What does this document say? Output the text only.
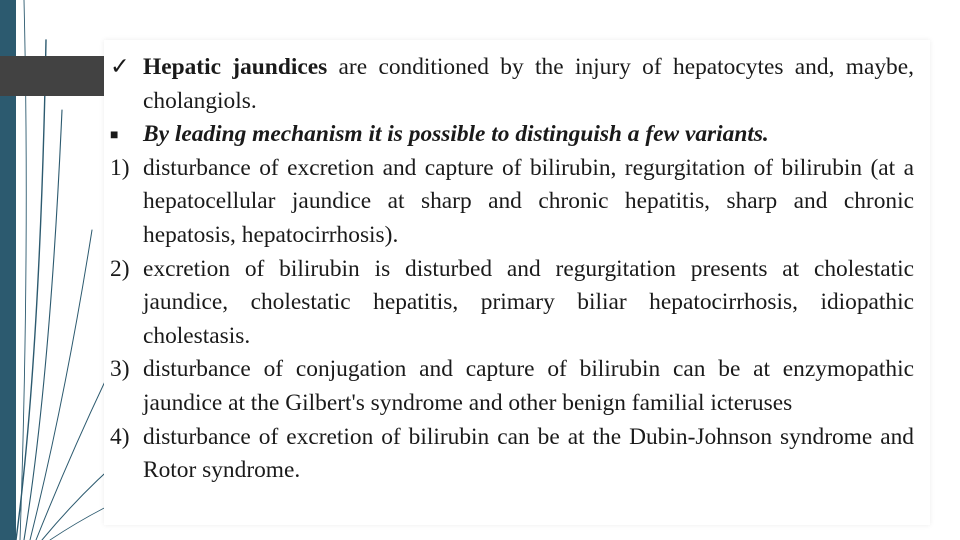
✓ Hepatic jaundices are conditioned by the injury of hepatocytes and, maybe, cholangiols.
■ By leading mechanism it is possible to distinguish a few variants.
1) disturbance of excretion and capture of bilirubin, regurgitation of bilirubin (at a hepatocellular jaundice at sharp and chronic hepatitis, sharp and chronic hepatosis, hepatocirrhosis).
2) excretion of bilirubin is disturbed and regurgitation presents at cholestatic jaundice, cholestatic hepatitis, primary biliar hepatocirrhosis, idiopathic cholestasis.
3) disturbance of conjugation and capture of bilirubin can be at enzymopathic jaundice at the Gilbert's syndrome and other benign familial icteruses
4) disturbance of excretion of bilirubin can be at the Dubin-Johnson syndrome and Rotor syndrome.
